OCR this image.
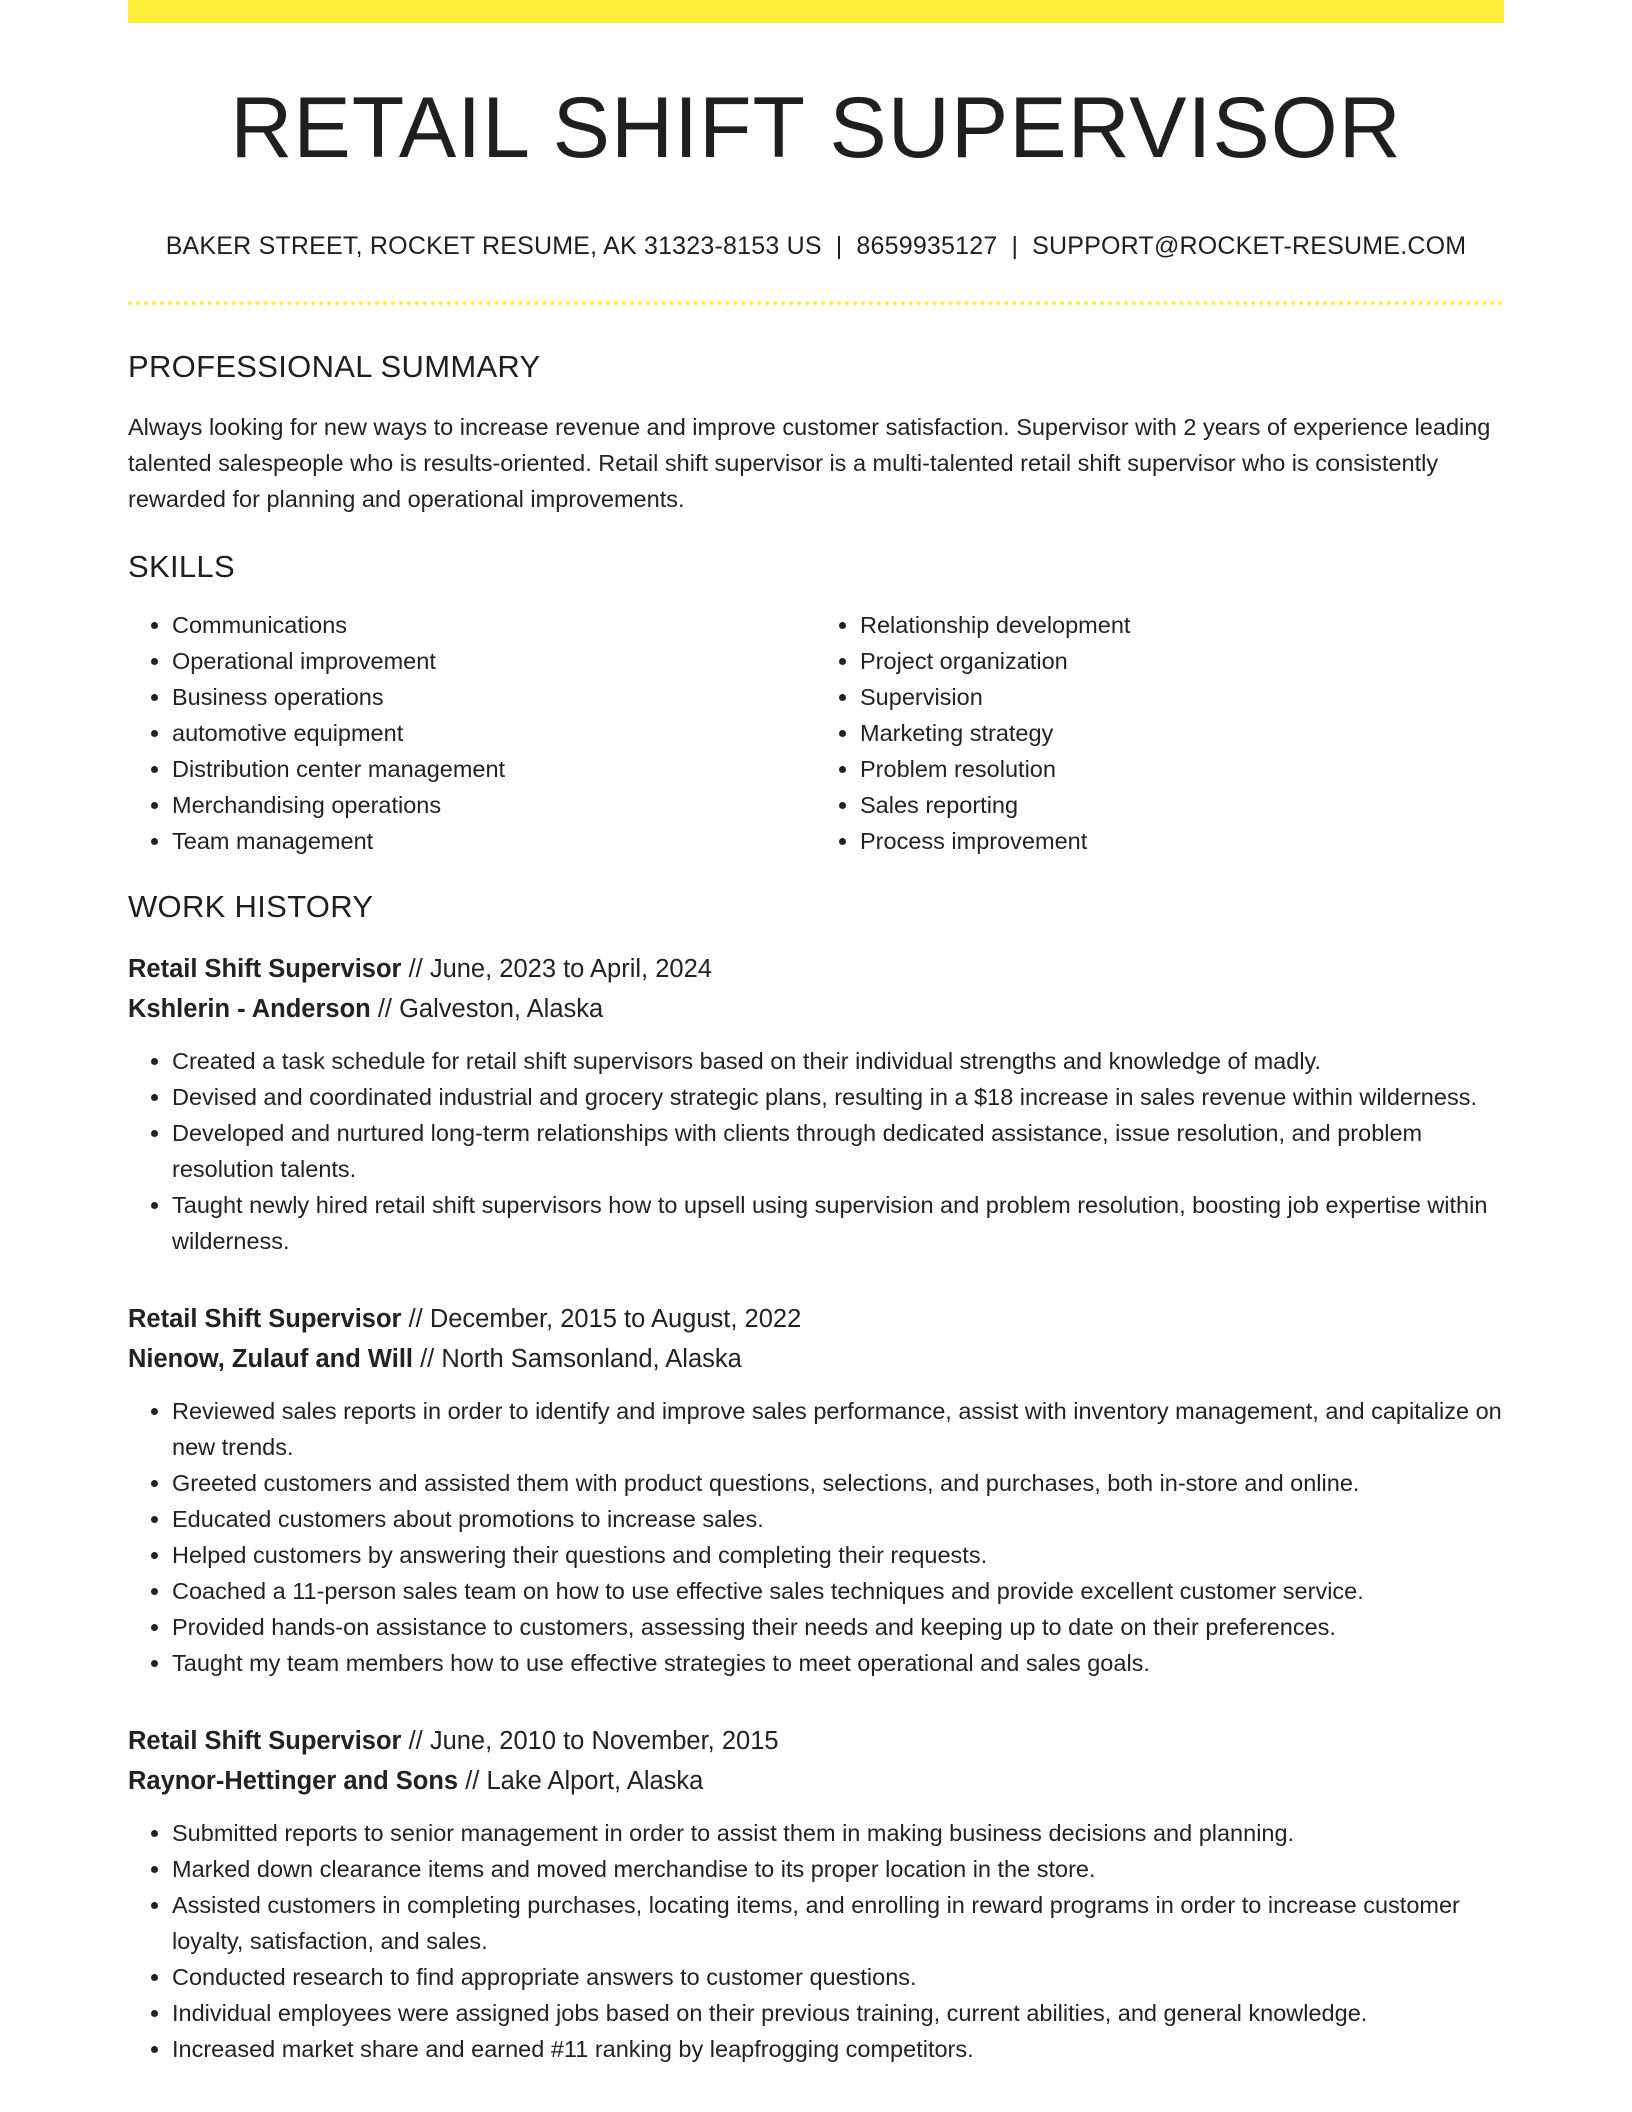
RETAIL SHIFT SUPERVISOR
BAKER STREET, ROCKET RESUME, AK 31323-8153 US | 8659935127 | SUPPORT@ROCKET-RESUME.COM
PROFESSIONAL SUMMARY
Always looking for new ways to increase revenue and improve customer satisfaction. Supervisor with 2 years of experience leading talented salespeople who is results-oriented. Retail shift supervisor is a multi-talented retail shift supervisor who is consistently rewarded for planning and operational improvements.
SKILLS
• Communications
• Operational improvement
• Business operations
• automotive equipment
• Distribution center management
• Merchandising operations
• Team management
• Relationship development
• Project organization
• Supervision
• Marketing strategy
• Problem resolution
• Sales reporting
• Process improvement
WORK HISTORY
Retail Shift Supervisor // June, 2023 to April, 2024
Kshlerin - Anderson // Galveston, Alaska
• Created a task schedule for retail shift supervisors based on their individual strengths and knowledge of madly.
• Devised and coordinated industrial and grocery strategic plans, resulting in a $18 increase in sales revenue within wilderness.
• Developed and nurtured long-term relationships with clients through dedicated assistance, issue resolution, and problem resolution talents.
• Taught newly hired retail shift supervisors how to upsell using supervision and problem resolution, boosting job expertise within wilderness.
Retail Shift Supervisor // December, 2015 to August, 2022
Nienow, Zulauf and Will // North Samsonland, Alaska
• Reviewed sales reports in order to identify and improve sales performance, assist with inventory management, and capitalize on new trends.
• Greeted customers and assisted them with product questions, selections, and purchases, both in-store and online.
• Educated customers about promotions to increase sales.
• Helped customers by answering their questions and completing their requests.
• Coached a 11-person sales team on how to use effective sales techniques and provide excellent customer service.
• Provided hands-on assistance to customers, assessing their needs and keeping up to date on their preferences.
• Taught my team members how to use effective strategies to meet operational and sales goals.
Retail Shift Supervisor // June, 2010 to November, 2015
Raynor-Hettinger and Sons // Lake Alport, Alaska
• Submitted reports to senior management in order to assist them in making business decisions and planning.
• Marked down clearance items and moved merchandise to its proper location in the store.
• Assisted customers in completing purchases, locating items, and enrolling in reward programs in order to increase customer loyalty, satisfaction, and sales.
• Conducted research to find appropriate answers to customer questions.
• Individual employees were assigned jobs based on their previous training, current abilities, and general knowledge.
• Increased market share and earned #11 ranking by leapfrogging competitors.
